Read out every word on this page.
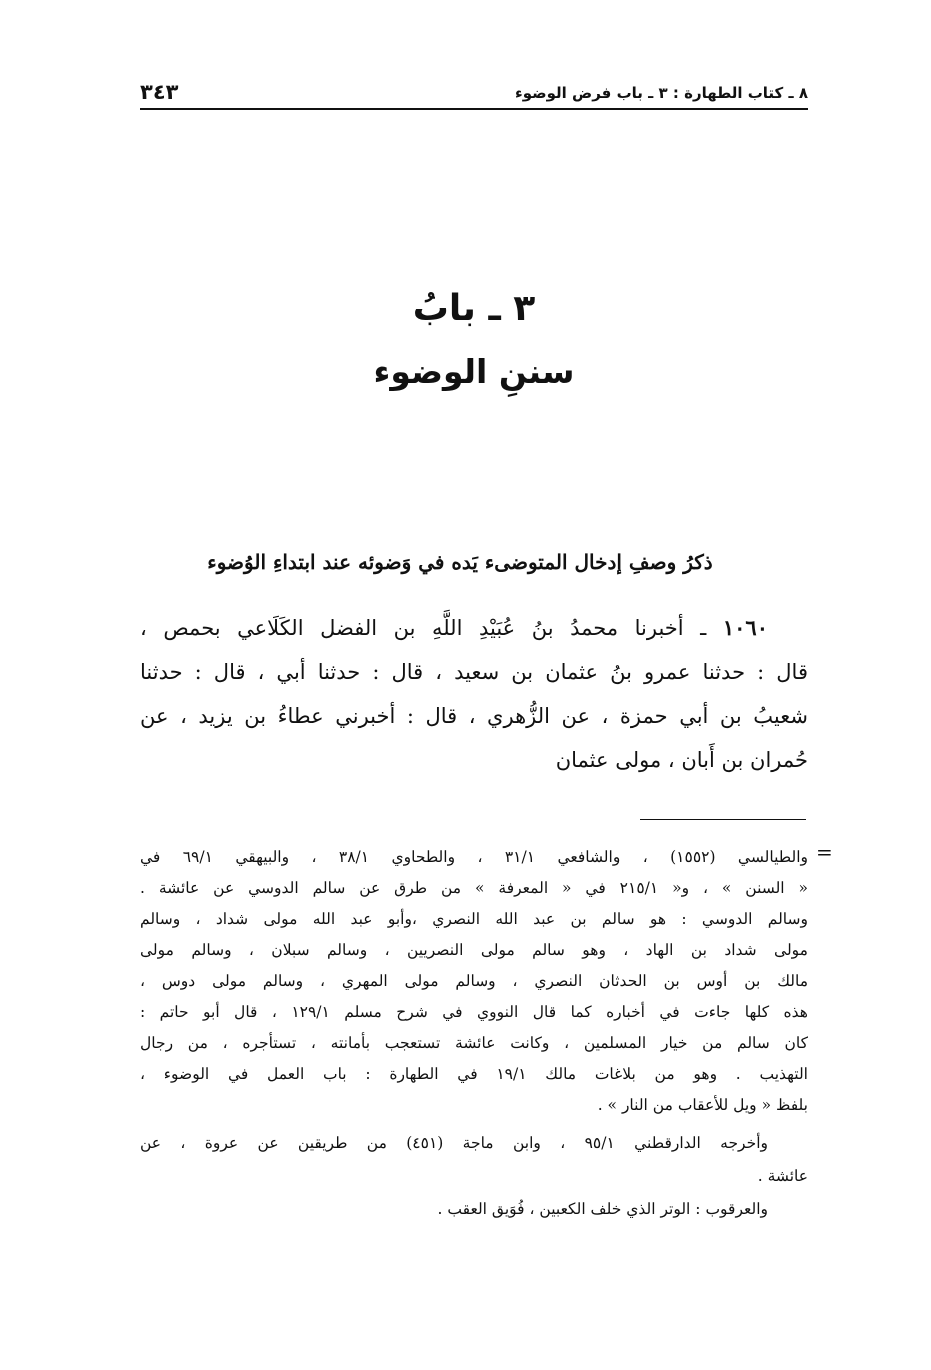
٨ ـ كتاب الطهارة : ٣ ـ باب فرض الوضوء
٣٤٣
٣ ـ بابُ
سننِ الوضوء
ذكرُ وصفِ إدخال المتوضىء يَده في وَضوئه عند ابتداءِ الوُضوء
١٠٦٠ ـ أخبرنا محمدُ بنُ عُبَيْدِ اللَّهِ بن الفضل الكَلَاعي بحمص ،
قال : حدثنا عمرو بنُ عثمان بن سعيد ، قال : حدثنا أبي ، قال : حدثنا
شعيبُ بن أبي حمزة ، عن الزُّهري ، قال : أخبرني عطاءُ بن يزيد ، عن
حُمران بن أَبان ، مولى عثمان
=
والطيالسي (١٥٥٢) ، والشافعي ٣١/١ ، والطحاوي ٣٨/١ ، والبيهقي ٦٩/١ في
« السنن » ، و« ٢١٥/١ في « المعرفة » من طرق عن سالم الدوسي عن عائشة .
وسالم الدوسي : هو سالم بن عبد الله النصري ،وأبو عبد الله مولى شداد ، وسالم
مولى شداد بن الهاد ، وهو سالم مولى النصريين ، وسالم سبلان ، وسالم مولى
مالك بن أوس بن الحدثان النصري ، وسالم مولى المهري ، وسالم مولى دوس ،
هذه كلها جاءت في أخباره كما قال النووي في شرح مسلم ١٢٩/١ ، قال أبو حاتم :
كان سالم من خيار المسلمين ، وكانت عائشة تستعجب بأمانته ، تستأجره ، من رجال
التهذيب . وهو من بلاغات مالك ١٩/١ في الطهارة : باب العمل في الوضوء ،
بلفظ « ويل للأعقاب من النار » .
وأخرجه الدارقطني ٩٥/١ ، وابن ماجة (٤٥١) من طريقين عن عروة ، عن
عائشة .
والعرقوب : الوتر الذي خلف الكعبين ، فُوَيق العقب .
